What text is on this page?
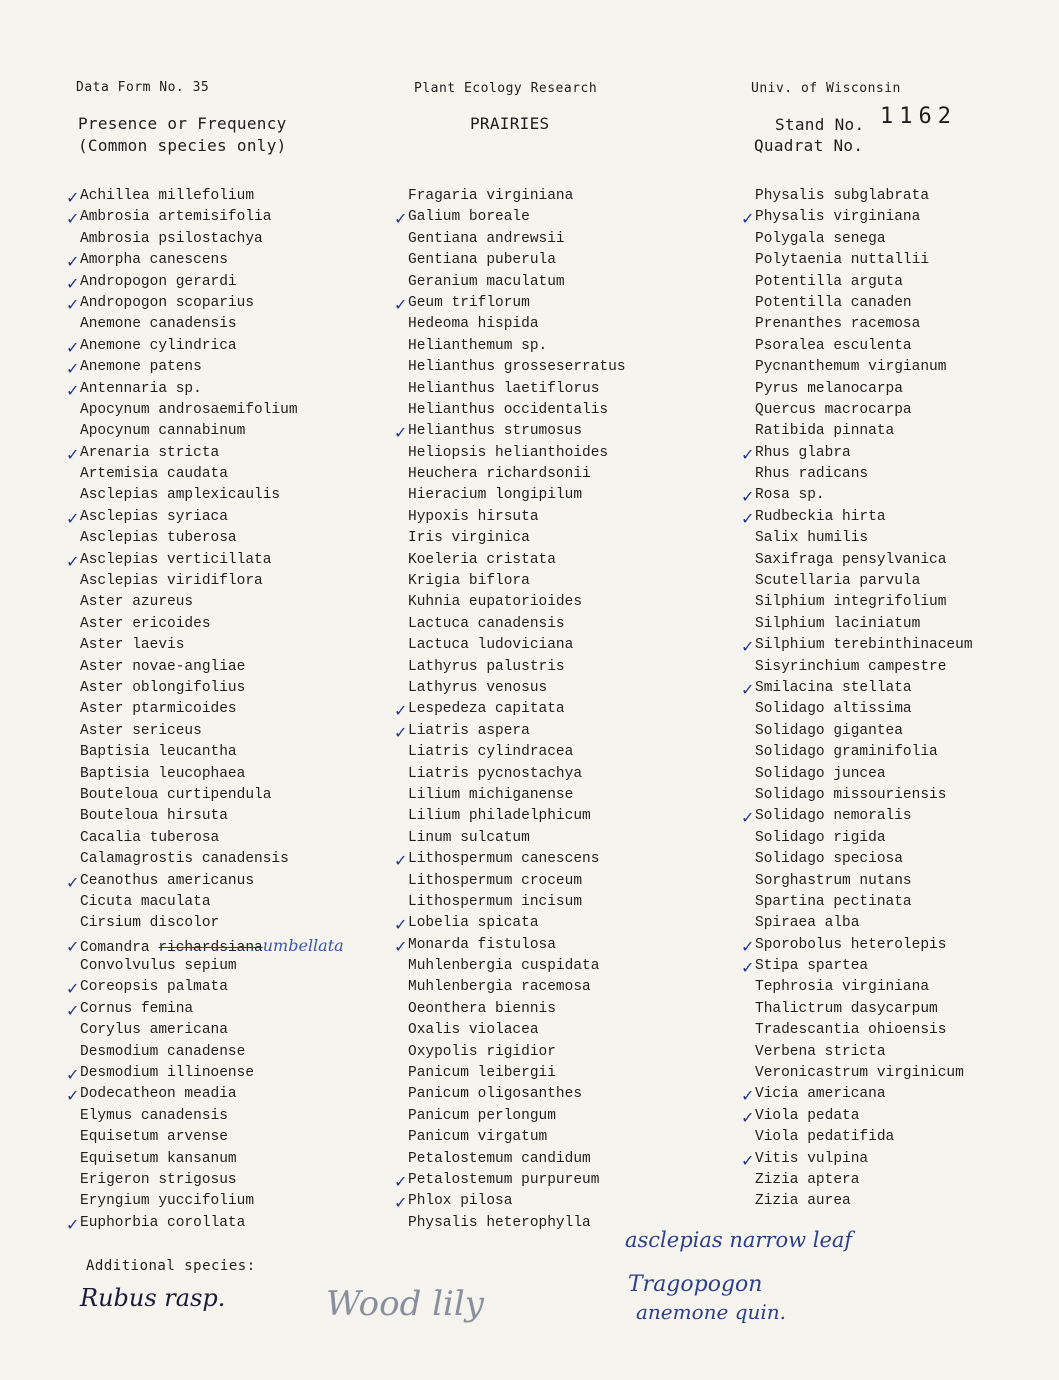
Data Form No. 35	Plant Ecology Research	Univ. of Wisconsin
Presence or Frequency
(Common species only)
PRAIRIES	Stand No. 1162
Quadrat No.
✓ Achillea millefolium
✓ Ambrosia artemisifolia
Ambrosia psilostachya
✓ Amorpha canescens
✓ Andropogon gerardi
✓ Andropogon scoparius
Anemone canadensis
✓ Anemone cylindrica
✓ Anemone patens
✓ Antennaria sp.
Apocynum androsaemifolium
Apocynum cannabinum
✓ Arenaria stricta
Artemisia caudata
Asclepias amplexicaulis
✓ Asclepias syriaca
Asclepias tuberosa
✓ Asclepias verticillata
Asclepias viridiflora
Aster azureus
Aster ericoides
Aster laevis
Aster novae-angliae
Aster oblongifolius
Aster ptarmicoides
Aster sericeus
Baptisia leucantha
Baptisia leucophaea
Bouteloua curtipendula
Bouteloua hirsuta
Cacalia tuberosa
Calamagrostis canadensis
✓ Ceanothus americanus
Cicuta maculata
Cirsium discolor
✓ Comandra richardsianaumbellata
Convolvulus sepium
✓ Coreopsis palmata
✓ Cornus femina
Corylus americana
Desmodium canadense
✓ Desmodium illinoense
✓ Dodecatheon meadia
Elymus canadensis
Equisetum arvense
Equisetum kansanum
Erigeron strigosus
Eryngium yuccifolium
✓ Euphorbia corollata
Fragaria virginiana
✓ Galium boreale
Gentiana andrewsii
Gentiana puberula
Geranium maculatum
✓ Geum triflorum
Hedeoma hispida
Helianthemum sp.
Helianthus grosseserratus
Helianthus laetiflorus
Helianthus occidentalis
✓ Helianthus strumosus
Heliopsis helianthoides
Heuchera richardsonii
Hieracium longipilum
Hypoxis hirsuta
Iris virginica
Koeleria cristata
Krigia biflora
Kuhnia eupatorioides
Lactuca canadensis
Lactuca ludoviciana
Lathyrus palustris
Lathyrus venosus
✓ Lespedeza capitata
✓ Liatris aspera
Liatris cylindracea
Liatris pycnostachya
Lilium michiganense
Lilium philadelphicum
Linum sulcatum
✓ Lithospermum canescens
Lithospermum croceum
Lithospermum incisum
✓ Lobelia spicata
✓ Monarda fistulosa
Muhlenbergia cuspidata
Muhlenbergia racemosa
Oeonthera biennis
Oxalis violacea
Oxypolis rigidior
Panicum leibergii
Panicum oligosanthes
Panicum perlongum
Panicum virgatum
Petalostemum candidum
✓ Petalostemum purpureum
✓ Phlox pilosa
Physalis heterophylla
Physalis subglabrata
✓ Physalis virginiana
Polygala senega
Polytaenia nuttallii
Potentilla arguta
Potentilla canaden
Prenanthes racemosa
Psoralea esculenta
Pycnanthemum virgianum
Pyrus melanocarpa
Quercus macrocarpa
Ratibida pinnata
✓ Rhus glabra
Rhus radicans
✓ Rosa sp.
✓ Rudbeckia hirta
Salix humilis
Saxifraga pensylvanica
Scutellaria parvula
Silphium integrifolium
Silphium laciniatum
✓ Silphium terebinthinaceum
Sisyrinchium campestre
✓ Smilacina stellata
Solidago altissima
Solidago gigantea
Solidago graminifolia
Solidago juncea
Solidago missouriensis
✓ Solidago nemoralis
Solidago rigida
Solidago speciosa
Sorghastrum nutans
Spartina pectinata
Spiraea alba
✓ Sporobolus heterolepis
✓ Stipa spartea
Tephrosia virginiana
Thalictrum dasycarpum
Tradescantia ohioensis
Verbena stricta
Veronicastrum virginicum
✓ Vicia americana
✓ Viola pedata
Viola pedatifida
✓ Vitis vulpina
Zizia aptera
Zizia aurea
Additional species:
Rubus rasp.	Wood lily
asclepias narrow leaf
Tragopogon
anemone quin.
